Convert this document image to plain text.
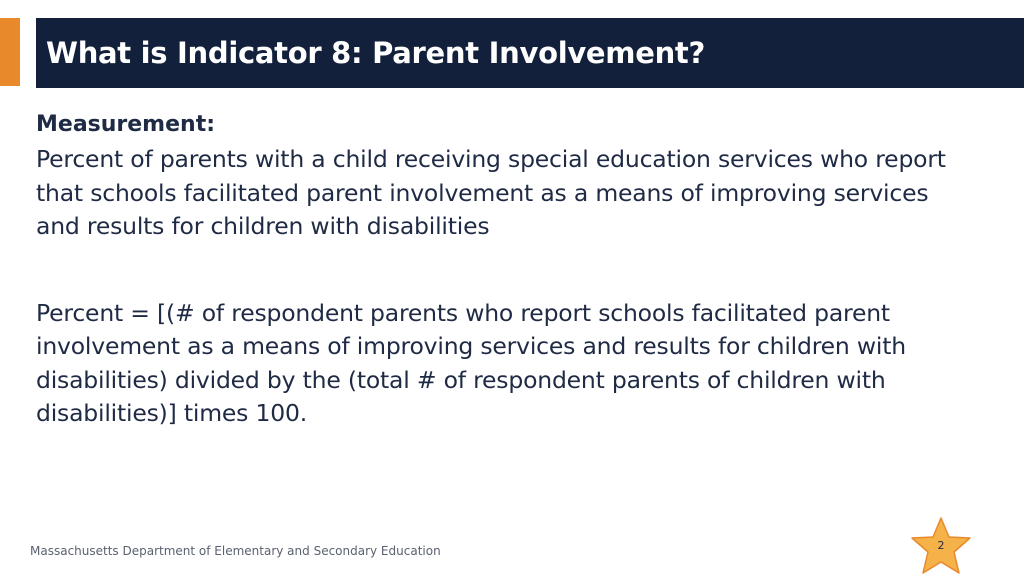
What is Indicator 8: Parent Involvement?

Measurement:

Percent of parents with a child receiving special education services who report that schools facilitated parent involvement as a means of improving services and results for children with disabilities

Percent = [(# of respondent parents who report schools facilitated parent involvement as a means of improving services and results for children with disabilities) divided by the (total # of respondent parents of children with disabilities)] times 100.

Massachusetts Department of Elementary and Secondary Education	2
